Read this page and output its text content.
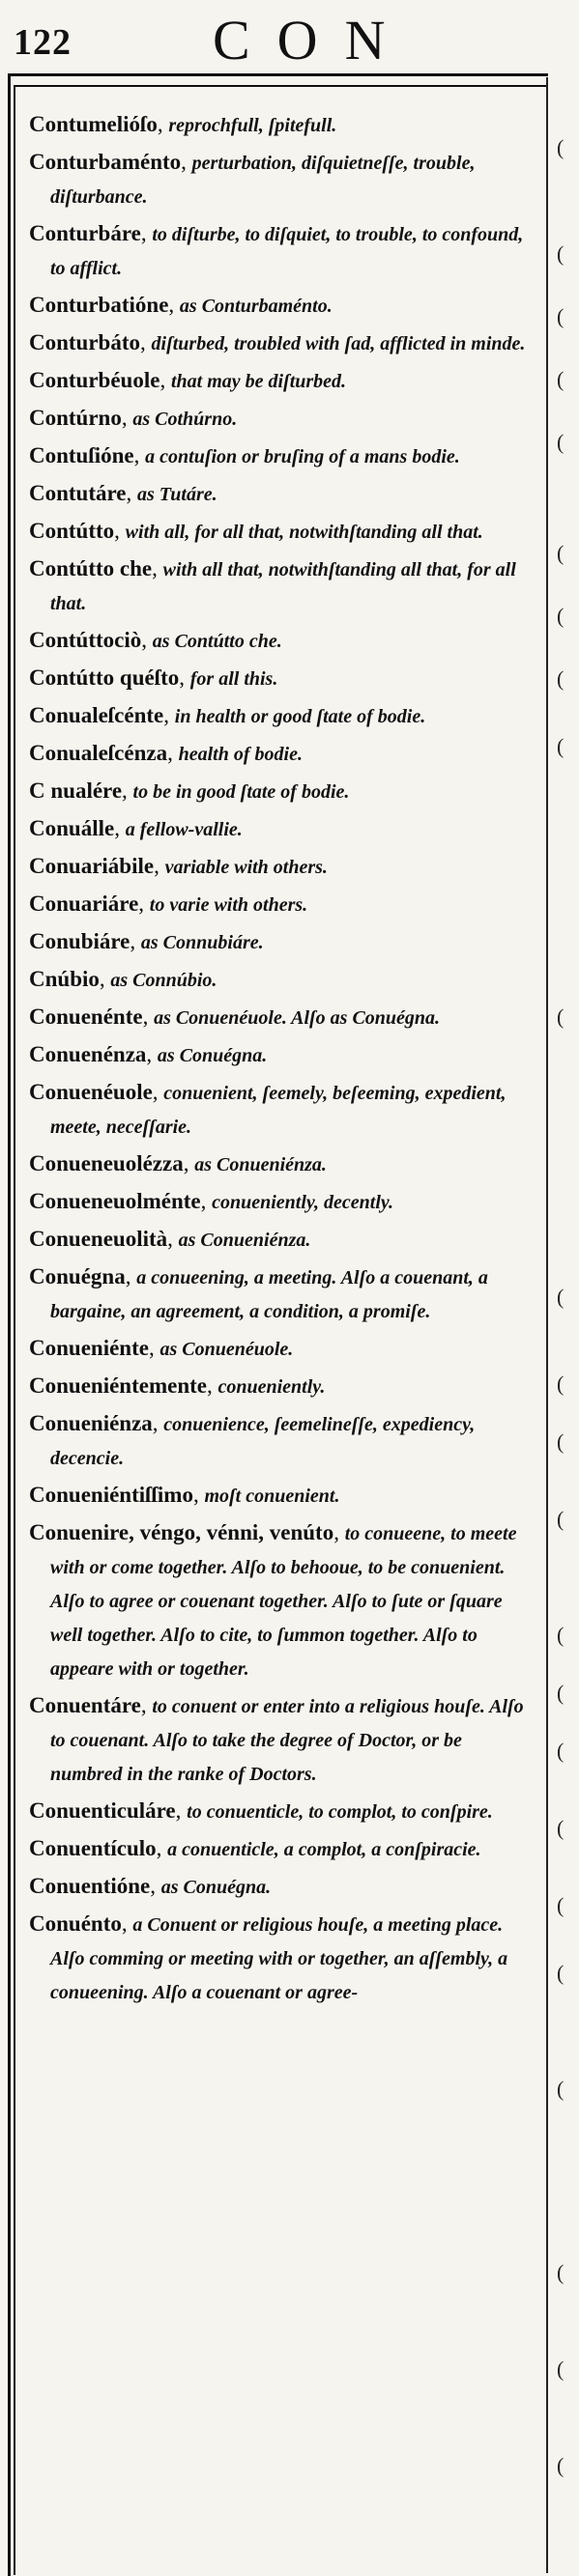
122	CON
(
(
(
(
(
(
(
(
(
(
(
(
(
(
(
(
(
(
(
(
(
(
(
(
Contumelióſo, reprochfull, ſpitefull.
Conturbaménto, perturbation, diſquietneſſe, trouble, diſturbance.
Conturbáre, to diſturbe, to diſquiet, to trouble, to confound, to afflict.
Conturbatióne, as Conturbaménto.
Conturbáto, diſturbed, troubled with ſad, afflicted in minde.
Conturbéuole, that may be diſturbed.
Contúrno, as Cothúrno.
Contuſióne, a contuſion or bruſing of a mans bodie.
Contutáre, as Tutáre.
Contútto, with all, for all that, notwithſtanding all that.
Contútto che, with all that, notwithſtanding all that, for all that.
Contúttociò, as Contútto che.
Contútto quéſto, for all this.
Conualeſcénte, in health or good ſtate of bodie.
Conualeſcénza, health of bodie.
C nualére, to be in good ſtate of bodie.
Conuálle, a fellow-vallie.
Conuariábile, variable with others.
Conuariáre, to varie with others.
Conubiáre, as Connubiáre.
Cnúbio, as Connúbio.
Conuenénte, as Conuenéuole. Alſo as Conuégna.
Conuenénza, as Conuégna.
Conuenéuole, conuenient, ſeemely, beſeeming, expedient, meete, neceſſarie.
Conueneuolézza, as Conueniénza.
Conueneuolménte, conueniently, decently.
Conueneuolità, as Conueniénza.
Conuégna, a conueening, a meeting. Alſo a couenant, a bargaine, an agreement, a condition, a promiſe.
Conueniénte, as Conuenéuole.
Conueniéntemente, conueniently.
Conueniénza, conuenience, ſeemelineſſe, expediency, decencie.
Conueniéntiſſimo, moſt conuenient.
Conuenire, véngo, vénni, venúto, to conueene, to meete with or come together. Alſo to behooue, to be conuenient. Alſo to agree or couenant together. Alſo to ſute or ſquare well together. Alſo to cite, to ſummon together. Alſo to appeare with or together.
Conuentáre, to conuent or enter into a religious houſe. Alſo to couenant. Alſo to take the degree of Doctor, or be numbred in the ranke of Doctors.
Conuenticuláre, to conuenticle, to complot, to conſpire.
Conuentículo, a conuenticle, a complot, a conſpiracie.
Conuentióne, as Conuégna.
Conuénto, a Conuent or religious houſe, a meeting place. Alſo comming or meeting with or together, an aſſembly, a conueening. Alſo a couenant or agree-
